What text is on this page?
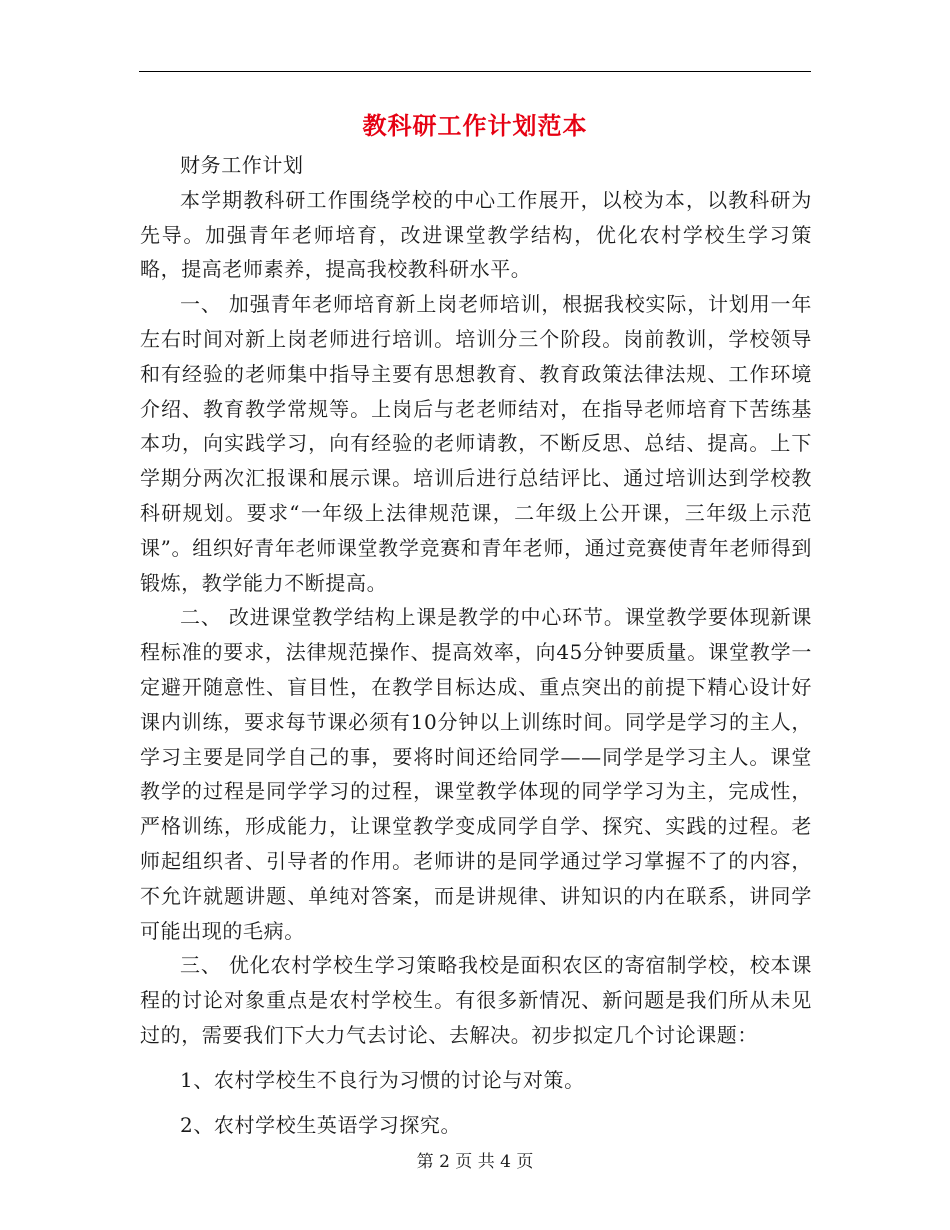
教科研工作计划范本

财务工作计划

本学期教科研工作围绕学校的中心工作展开，以校为本，以教科研为先导。加强青年老师培育，改进课堂教学结构，优化农村学校生学习策略，提高老师素养，提高我校教科研水平。

一、 加强青年老师培育新上岗老师培训，根据我校实际，计划用一年左右时间对新上岗老师进行培训。培训分三个阶段。岗前教训，学校领导和有经验的老师集中指导主要有思想教育、教育政策法律法规、工作环境介绍、教育教学常规等。上岗后与老老师结对，在指导老师培育下苦练基本功，向实践学习，向有经验的老师请教，不断反思、总结、提高。上下学期分两次汇报课和展示课。培训后进行总结评比、通过培训达到学校教科研规划。要求“一年级上法律规范课，二年级上公开课，三年级上示范课”。组织好青年老师课堂教学竞赛和青年老师，通过竞赛使青年老师得到锻炼，教学能力不断提高。

二、 改进课堂教学结构上课是教学的中心环节。课堂教学要体现新课程标准的要求，法律规范操作、提高效率，向45分钟要质量。课堂教学一定避开随意性、盲目性，在教学目标达成、重点突出的前提下精心设计好课内训练，要求每节课必须有10分钟以上训练时间。同学是学习的主人，学习主要是同学自己的事，要将时间还给同学——同学是学习主人。课堂教学的过程是同学学习的过程，课堂教学体现的同学学习为主，完成性，严格训练，形成能力，让课堂教学变成同学自学、探究、实践的过程。老师起组织者、引导者的作用。老师讲的是同学通过学习掌握不了的内容，不允许就题讲题、单纯对答案，而是讲规律、讲知识的内在联系，讲同学可能出现的毛病。

三、 优化农村学校生学习策略我校是面积农区的寄宿制学校，校本课程的讨论对象重点是农村学校生。有很多新情况、新问题是我们所从未见过的，需要我们下大力气去讨论、去解决。初步拟定几个讨论课题：

1、农村学校生不良行为习惯的讨论与对策。

2、农村学校生英语学习探究。

第 2 页 共 4 页
